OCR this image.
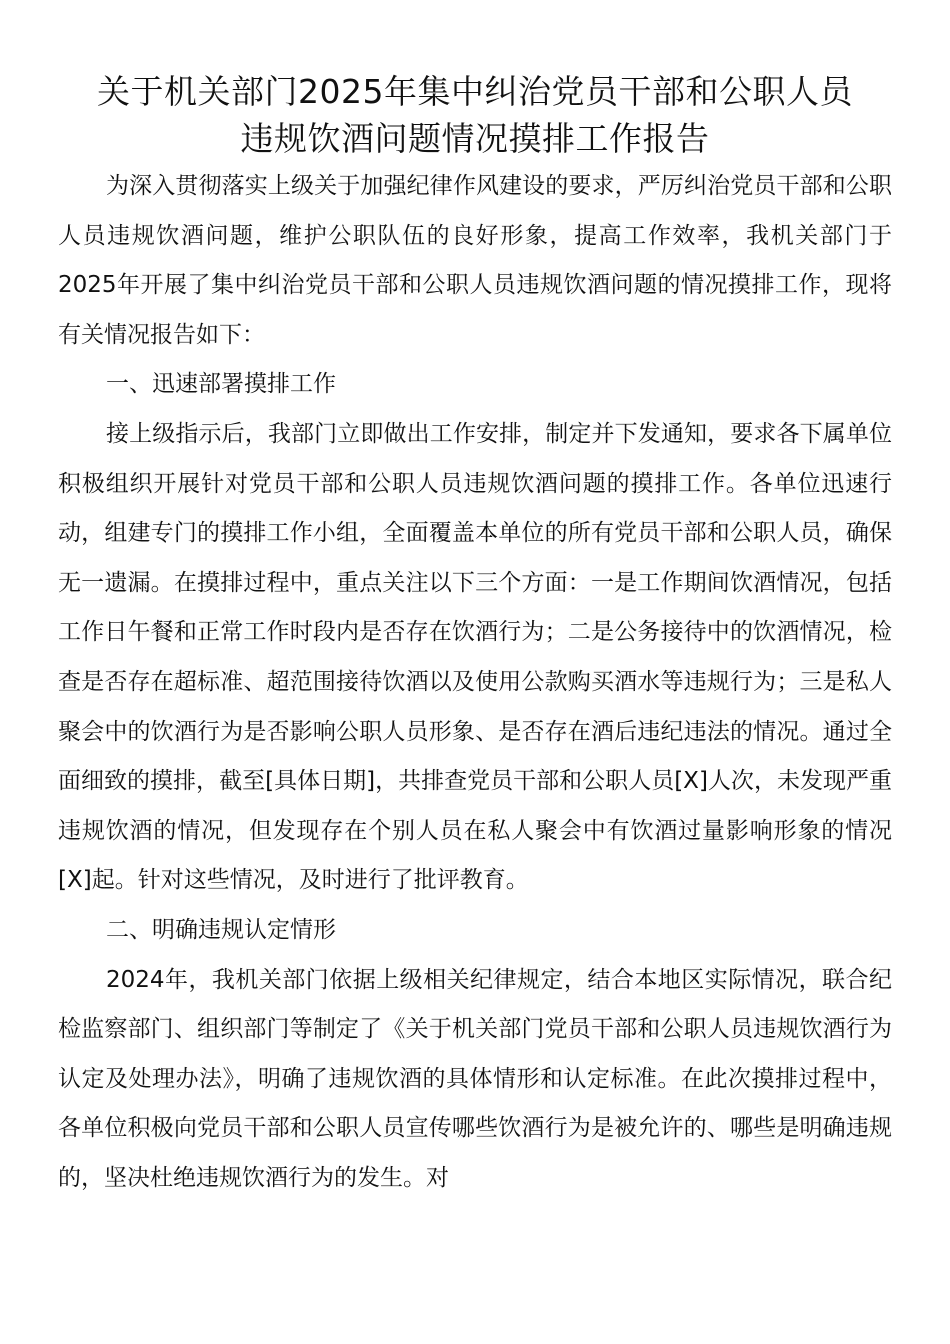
关于机关部门2025年集中纠治党员干部和公职人员
违规饮酒问题情况摸排工作报告

为深入贯彻落实上级关于加强纪律作风建设的要求，严厉纠治党员干部和公职人员违规饮酒问题，维护公职队伍的良好形象，提高工作效率，我机关部门于2025年开展了集中纠治党员干部和公职人员违规饮酒问题的情况摸排工作，现将有关情况报告如下：

一、迅速部署摸排工作

接上级指示后，我部门立即做出工作安排，制定并下发通知，要求各下属单位积极组织开展针对党员干部和公职人员违规饮酒问题的摸排工作。各单位迅速行动，组建专门的摸排工作小组，全面覆盖本单位的所有党员干部和公职人员，确保无一遗漏。在摸排过程中，重点关注以下三个方面：一是工作期间饮酒情况，包括工作日午餐和正常工作时段内是否存在饮酒行为；二是公务接待中的饮酒情况，检查是否存在超标准、超范围接待饮酒以及使用公款购买酒水等违规行为；三是私人聚会中的饮酒行为是否影响公职人员形象、是否存在酒后违纪违法的情况。通过全面细致的摸排，截至[具体日期]，共排查党员干部和公职人员[X]人次，未发现严重违规饮酒的情况，但发现存在个别人员在私人聚会中有饮酒过量影响形象的情况[X]起。针对这些情况，及时进行了批评教育。

二、明确违规认定情形

2024年，我机关部门依据上级相关纪律规定，结合本地区实际情况，联合纪检监察部门、组织部门等制定了《关于机关部门党员干部和公职人员违规饮酒行为认定及处理办法》，明确了违规饮酒的具体情形和认定标准。在此次摸排过程中，各单位积极向党员干部和公职人员宣传哪些饮酒行为是被允许的、哪些是明确违规的，坚决杜绝违规饮酒行为的发生。对
